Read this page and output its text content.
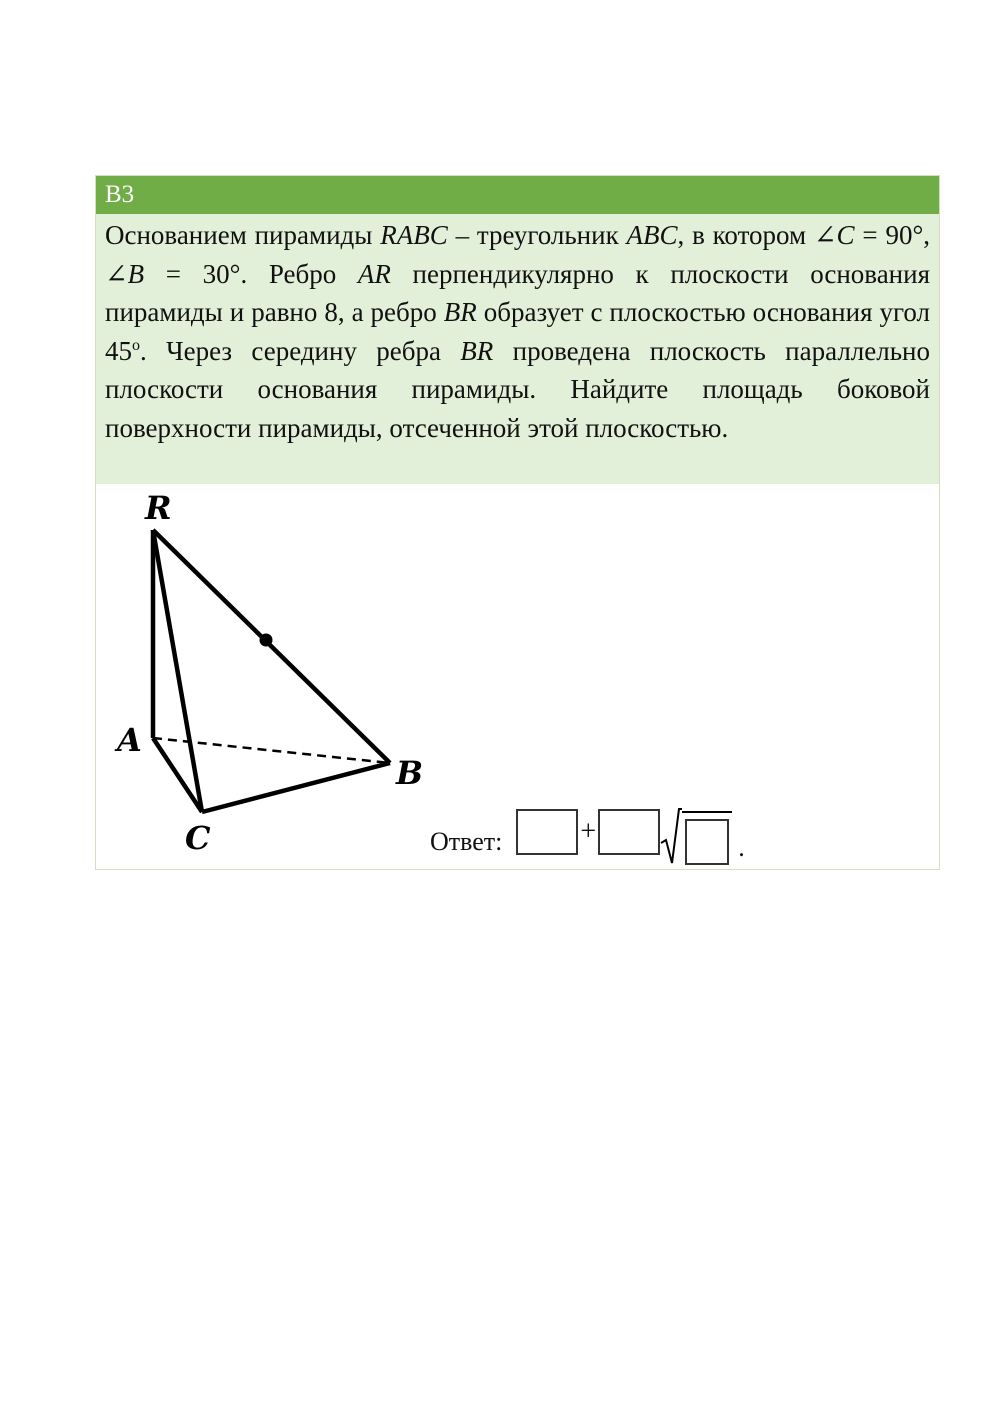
B3
Основанием пирамиды RABC – треугольник ABC, в котором ∠C = 90°, ∠B = 30°. Ребро AR перпендикулярно к плоскости основания пирамиды и равно 8, а ребро BR образует с плоскостью основания угол 45$^o$. Через середину ребра BR проведена плоскость параллельно плоскости основания пирамиды. Найдите площадь боковой поверхности пирамиды, отсеченной этой плоскостью.
R
A
B
C	Ответ:	+
.
